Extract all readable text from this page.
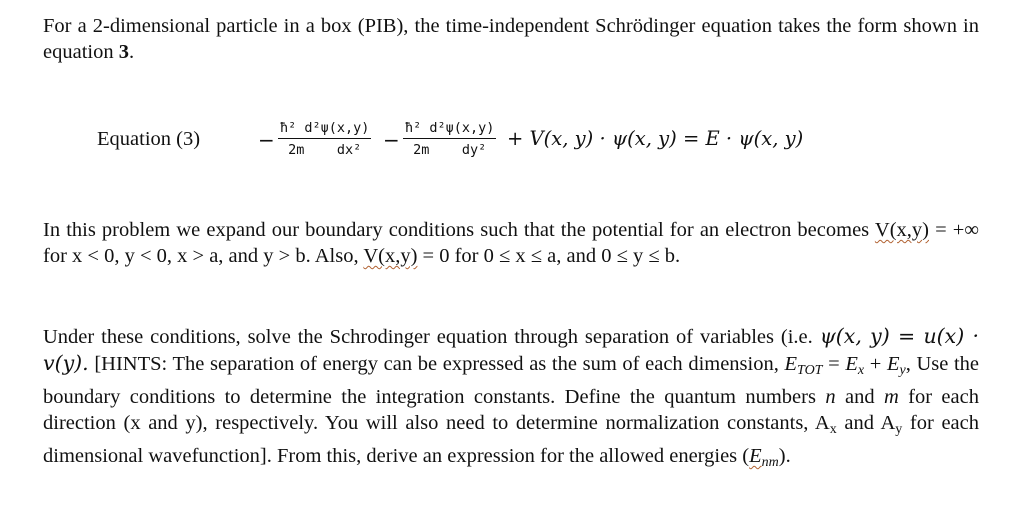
For a 2-dimensional particle in a box (PIB), the time-independent Schrödinger equation takes the form shown in equation 3.
Equation (3)	− ħ² d²ψ(x,y)
2m    dx²	− ħ² d²ψ(x,y)
2m    dy²	+ V(x, y) · ψ(x, y) = E · ψ(x, y)
In this problem we expand our boundary conditions such that the potential for an electron becomes V(x,y) = +∞ for x < 0, y < 0, x > a, and y > b. Also, V(x,y) = 0 for 0 ≤ x ≤ a, and 0 ≤ y ≤ b.
Under these conditions, solve the Schrodinger equation through separation of variables (i.e. ψ(x, y) = u(x) · v(y). [HINTS: The separation of energy can be expressed as the sum of each dimension, $E_{TOT} = E_x + E_y$, Use the boundary conditions to determine the integration constants. Define the quantum numbers n and m for each direction (x and y), respectively. You will also need to determine normalization constants, Ax and Ay for each dimensional wavefunction]. From this, derive an expression for the allowed energies $(E_{nm})$.
